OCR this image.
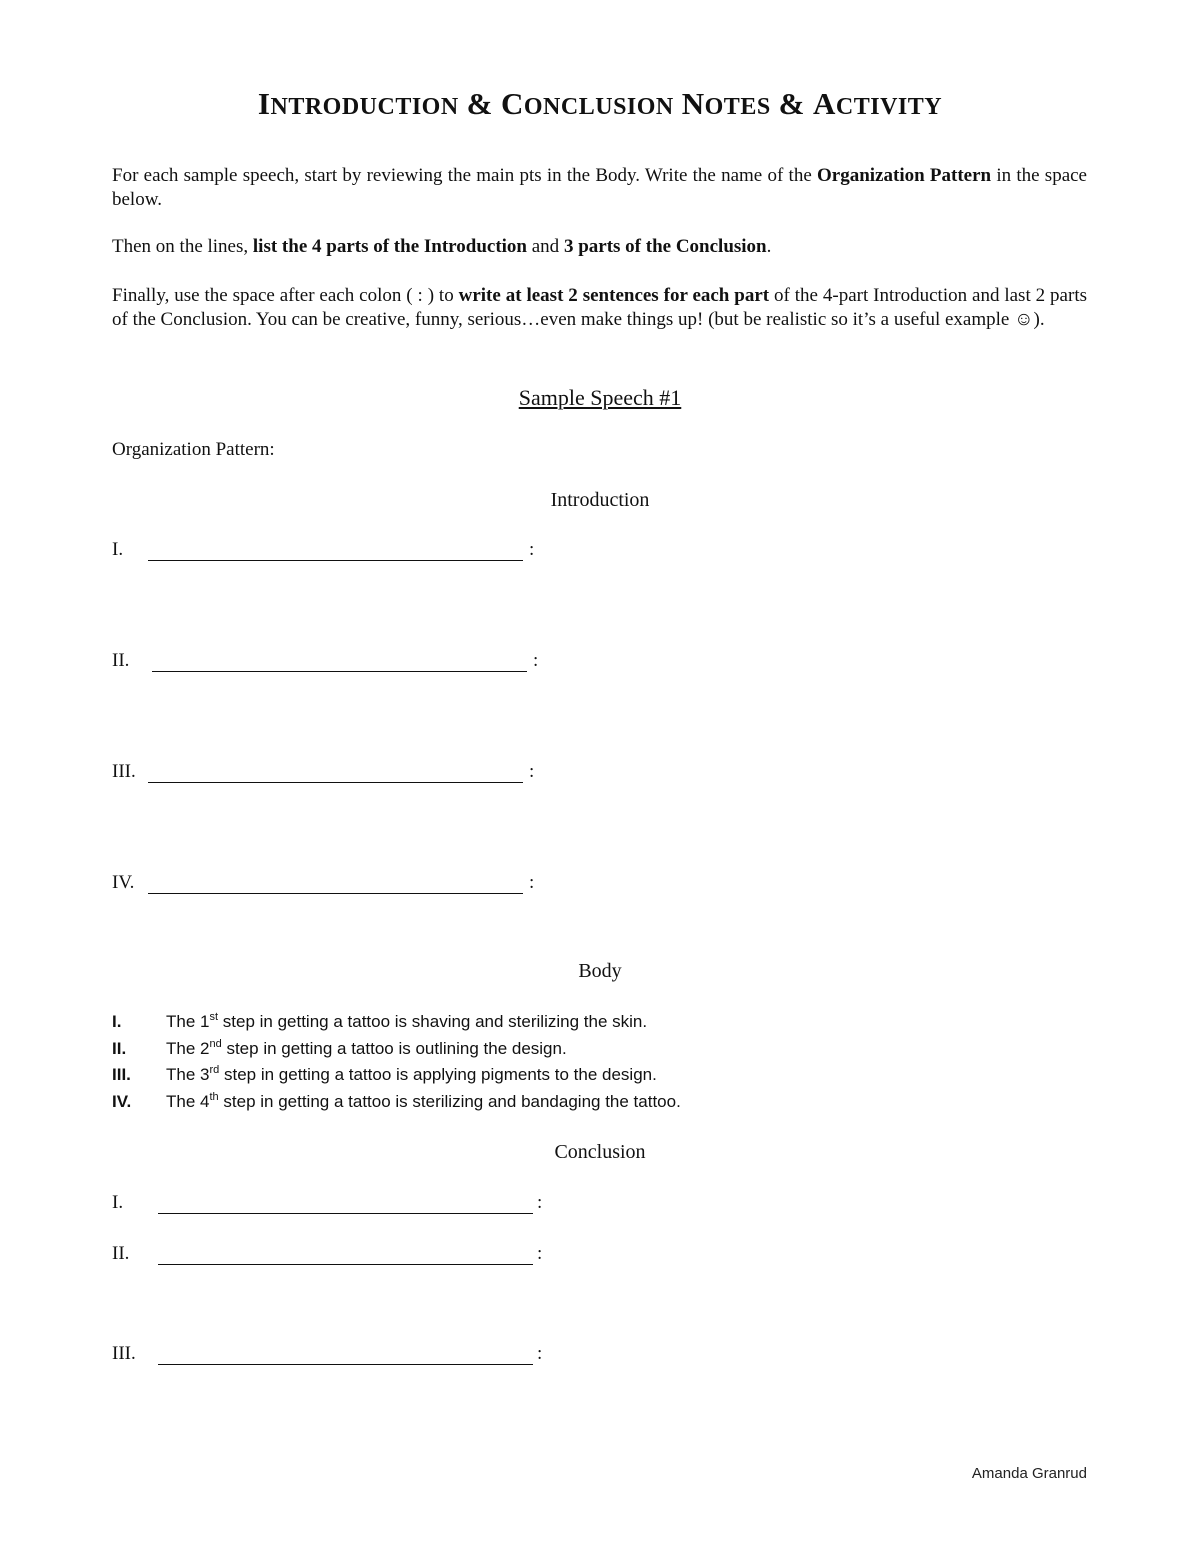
INTRODUCTION & CONCLUSION NOTES & ACTIVITY
For each sample speech, start by reviewing the main pts in the Body. Write the name of the Organization Pattern in the space below.
Then on the lines, list the 4 parts of the Introduction and 3 parts of the Conclusion.
Finally, use the space after each colon ( : ) to write at least 2 sentences for each part of the 4-part Introduction and last 2 parts of the Conclusion. You can be creative, funny, serious…even make things up! (but be realistic so it’s a useful example ☺).
Sample Speech #1
Organization Pattern:
Introduction
I.	:
II.	:
III.	:
IV.	:
Body
I.	The 1st step in getting a tattoo is shaving and sterilizing the skin.
II. The 2nd step in getting a tattoo is outlining the design.
III. The 3rd step in getting a tattoo is applying pigments to the design.
IV. The 4th step in getting a tattoo is sterilizing and bandaging the tattoo.
Conclusion
I.	:
II.	:
III.	:
Amanda Granrud
